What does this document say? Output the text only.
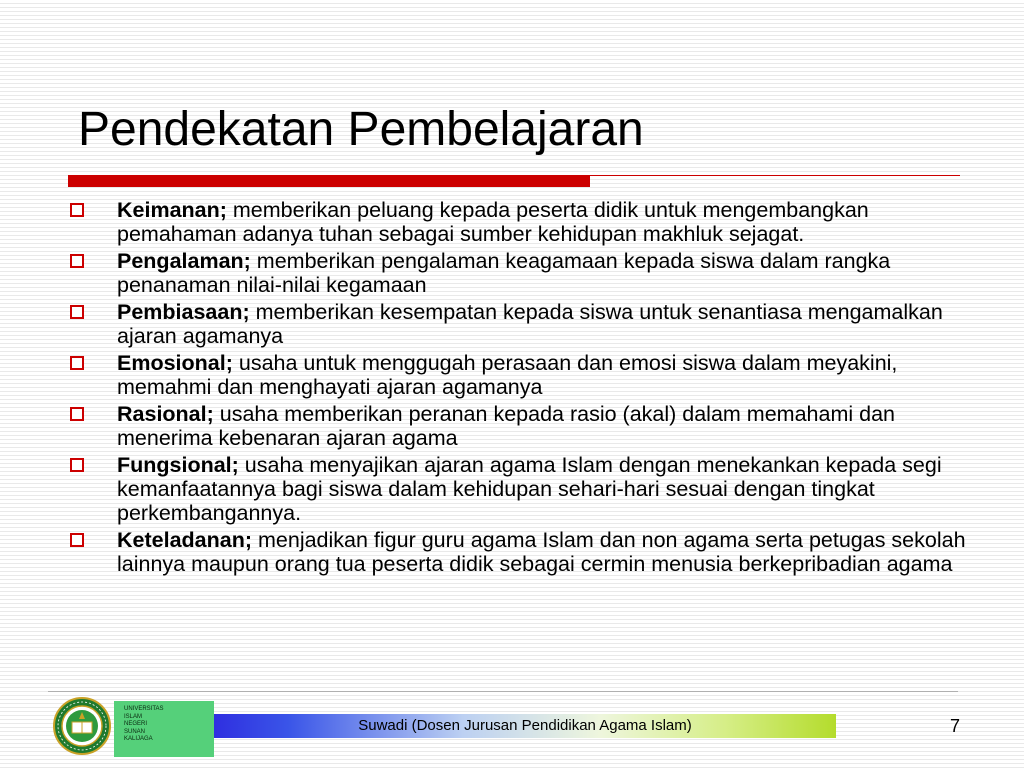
Pendekatan Pembelajaran
Keimanan; memberikan peluang kepada peserta didik untuk mengembangkan pemahaman adanya tuhan sebagai sumber kehidupan makhluk sejagat.
Pengalaman; memberikan pengalaman keagamaan kepada siswa dalam rangka penanaman nilai-nilai kegamaan
Pembiasaan; memberikan kesempatan kepada siswa untuk senantiasa mengamalkan ajaran agamanya
Emosional; usaha untuk menggugah perasaan dan emosi siswa dalam meyakini, memahmi dan menghayati ajaran agamanya
Rasional; usaha memberikan peranan kepada rasio (akal) dalam memahami dan menerima kebenaran ajaran agama
Fungsional; usaha menyajikan ajaran agama Islam dengan menekankan kepada segi kemanfaatannya bagi siswa dalam kehidupan sehari-hari sesuai dengan tingkat perkembangannya.
Keteladanan; menjadikan figur guru agama Islam dan non agama serta petugas sekolah lainnya maupun orang tua peserta didik sebagai cermin menusia berkepribadian agama
UNIVERSITAS
ISLAM
NEGERI
SUNAN
KALIJAGA
Suwadi (Dosen Jurusan Pendidikan Agama Islam)	7
